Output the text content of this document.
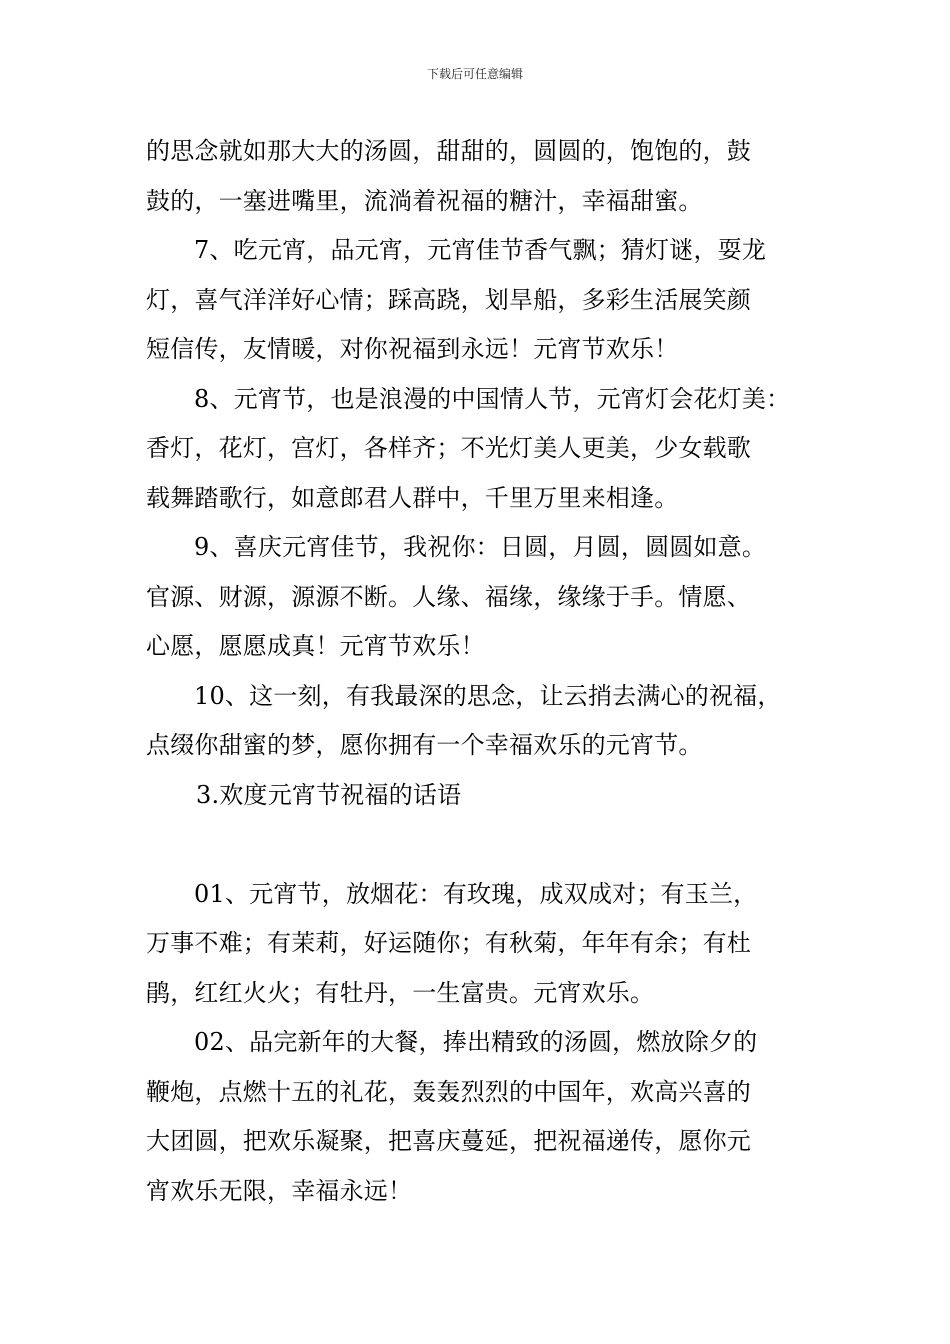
下载后可任意编辑

的思念就如那大大的汤圆，甜甜的，圆圆的，饱饱的，鼓
鼓的，一塞进嘴里，流淌着祝福的糖汁，幸福甜蜜。

7、吃元宵，品元宵，元宵佳节香气飘；猜灯谜，耍龙
灯，喜气洋洋好心情；踩高跷，划旱船，多彩生活展笑颜
短信传，友情暖，对你祝福到永远！元宵节欢乐！

8、元宵节，也是浪漫的中国情人节，元宵灯会花灯美：
香灯，花灯，宫灯，各样齐；不光灯美人更美，少女载歌
载舞踏歌行，如意郎君人群中，千里万里来相逢。

9、喜庆元宵佳节，我祝你：日圆，月圆，圆圆如意。
官源、财源，源源不断。人缘、福缘，缘缘于手。情愿、
心愿，愿愿成真！元宵节欢乐！

10、这一刻，有我最深的思念，让云捎去满心的祝福，
点缀你甜蜜的梦，愿你拥有一个幸福欢乐的元宵节。

3.欢度元宵节祝福的话语

01、元宵节，放烟花：有玫瑰，成双成对；有玉兰，
万事不难；有茉莉，好运随你；有秋菊，年年有余；有杜
鹃，红红火火；有牡丹，一生富贵。元宵欢乐。

02、品完新年的大餐，捧出精致的汤圆，燃放除夕的
鞭炮，点燃十五的礼花，轰轰烈烈的中国年，欢高兴喜的
大团圆，把欢乐凝聚，把喜庆蔓延，把祝福递传，愿你元
宵欢乐无限，幸福永远！
